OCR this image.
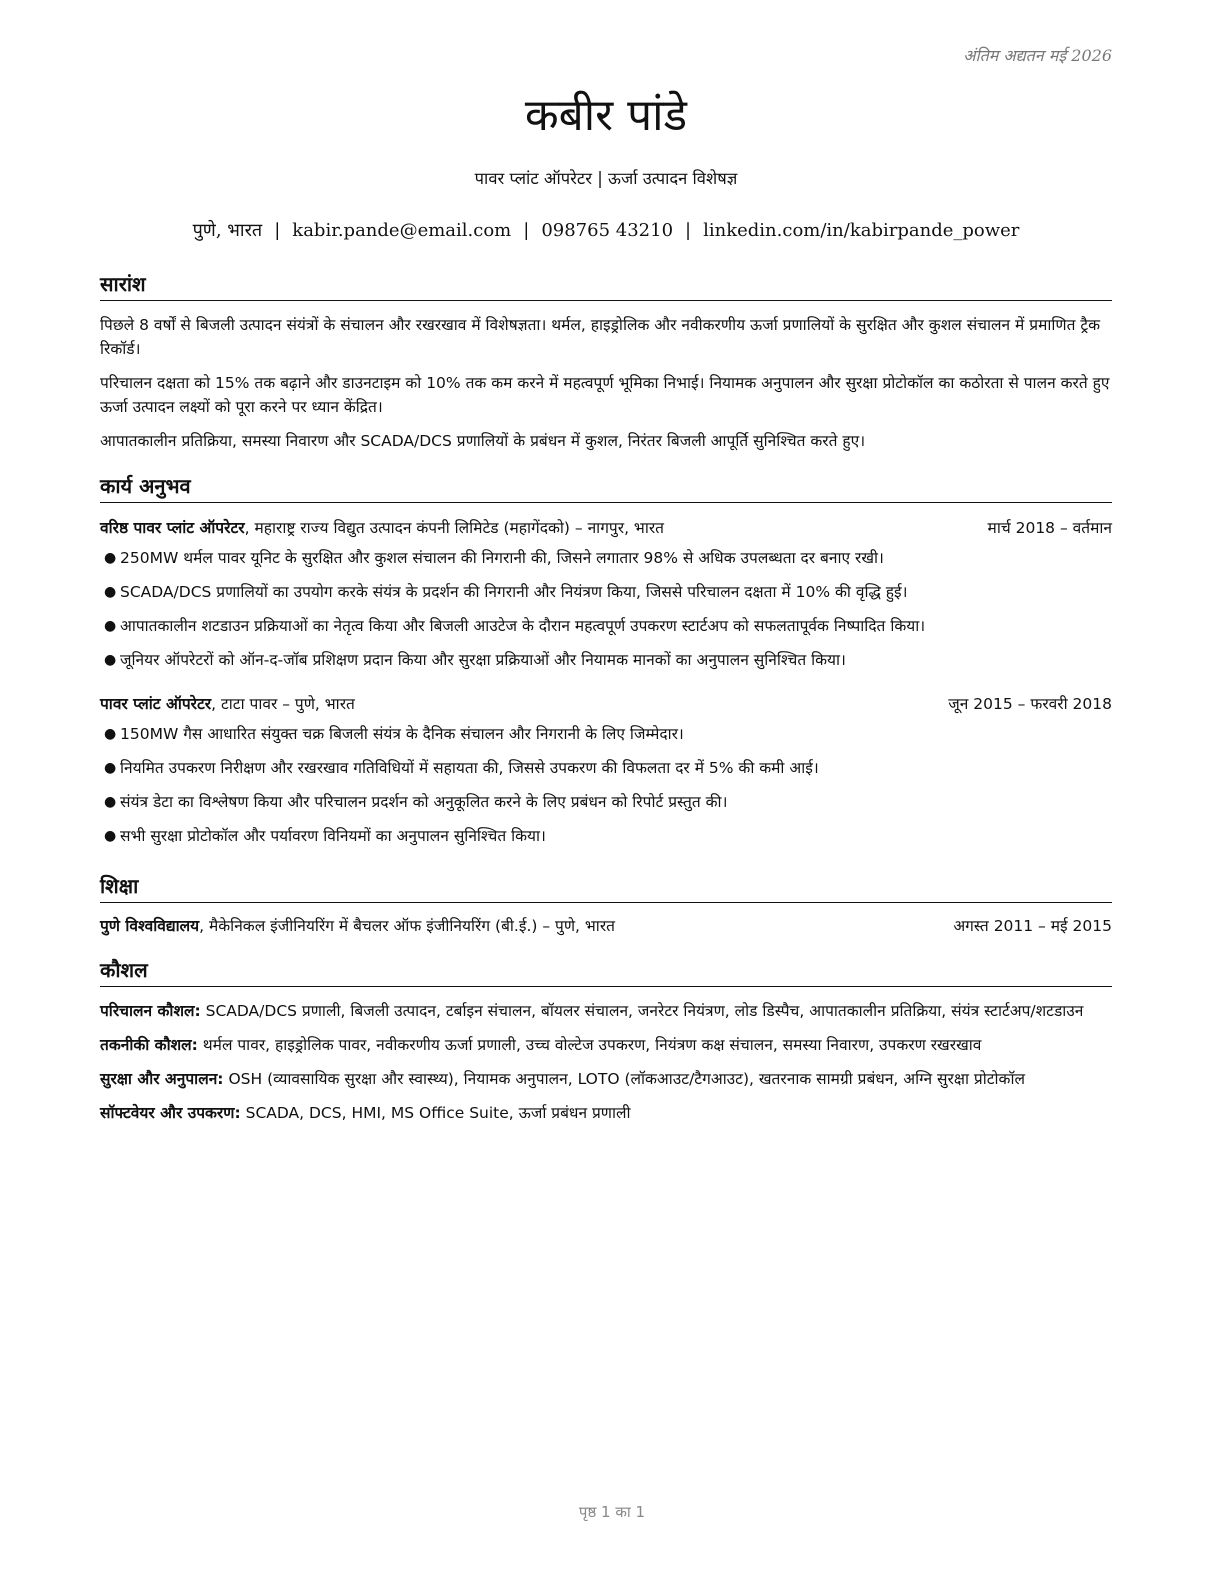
अंतिम अद्यतन मई 2026
कबीर पांडे
पावर प्लांट ऑपरेटर | ऊर्जा उत्पादन विशेषज्ञ
पुणे, भारत | kabir.pande@email.com | 098765 43210 | linkedin.com/in/kabirpande_power
सारांश

पिछले 8 वर्षों से बिजली उत्पादन संयंत्रों के संचालन और रखरखाव में विशेषज्ञता। थर्मल, हाइड्रोलिक और नवीकरणीय ऊर्जा प्रणालियों के सुरक्षित और कुशल संचालन में प्रमाणित ट्रैक रिकॉर्ड।

परिचालन दक्षता को 15% तक बढ़ाने और डाउनटाइम को 10% तक कम करने में महत्वपूर्ण भूमिका निभाई। नियामक अनुपालन और सुरक्षा प्रोटोकॉल का कठोरता से पालन करते हुए ऊर्जा उत्पादन लक्ष्यों को पूरा करने पर ध्यान केंद्रित।

आपातकालीन प्रतिक्रिया, समस्या निवारण और SCADA/DCS प्रणालियों के प्रबंधन में कुशल, निरंतर बिजली आपूर्ति सुनिश्चित करते हुए।

कार्य अनुभव
वरिष्ठ पावर प्लांट ऑपरेटर, महाराष्ट्र राज्य विद्युत उत्पादन कंपनी लिमिटेड (महागेंदको) – नागपुर, भारत	मार्च 2018 – वर्तमान
● 250MW थर्मल पावर यूनिट के सुरक्षित और कुशल संचालन की निगरानी की, जिसने लगातार 98% से अधिक उपलब्धता दर बनाए रखी।
● SCADA/DCS प्रणालियों का उपयोग करके संयंत्र के प्रदर्शन की निगरानी और नियंत्रण किया, जिससे परिचालन दक्षता में 10% की वृद्धि हुई।
● आपातकालीन शटडाउन प्रक्रियाओं का नेतृत्व किया और बिजली आउटेज के दौरान महत्वपूर्ण उपकरण स्टार्टअप को सफलतापूर्वक निष्पादित किया।
● जूनियर ऑपरेटरों को ऑन-द-जॉब प्रशिक्षण प्रदान किया और सुरक्षा प्रक्रियाओं और नियामक मानकों का अनुपालन सुनिश्चित किया।
पावर प्लांट ऑपरेटर, टाटा पावर – पुणे, भारत	जून 2015 – फरवरी 2018
● 150MW गैस आधारित संयुक्त चक्र बिजली संयंत्र के दैनिक संचालन और निगरानी के लिए जिम्मेदार।
● नियमित उपकरण निरीक्षण और रखरखाव गतिविधियों में सहायता की, जिससे उपकरण की विफलता दर में 5% की कमी आई।
● संयंत्र डेटा का विश्लेषण किया और परिचालन प्रदर्शन को अनुकूलित करने के लिए प्रबंधन को रिपोर्ट प्रस्तुत की।
● सभी सुरक्षा प्रोटोकॉल और पर्यावरण विनियमों का अनुपालन सुनिश्चित किया।
शिक्षा
पुणे विश्वविद्यालय, मैकेनिकल इंजीनियरिंग में बैचलर ऑफ इंजीनियरिंग (बी.ई.) – पुणे, भारत	अगस्त 2011 – मई 2015
कौशल

परिचालन कौशल: SCADA/DCS प्रणाली, बिजली उत्पादन, टर्बाइन संचालन, बॉयलर संचालन, जनरेटर नियंत्रण, लोड डिस्पैच, आपातकालीन प्रतिक्रिया, संयंत्र स्टार्टअप/शटडाउन

तकनीकी कौशल: थर्मल पावर, हाइड्रोलिक पावर, नवीकरणीय ऊर्जा प्रणाली, उच्च वोल्टेज उपकरण, नियंत्रण कक्ष संचालन, समस्या निवारण, उपकरण रखरखाव

सुरक्षा और अनुपालन: OSH (व्यावसायिक सुरक्षा और स्वास्थ्य), नियामक अनुपालन, LOTO (लॉकआउट/टैगआउट), खतरनाक सामग्री प्रबंधन, अग्नि सुरक्षा प्रोटोकॉल

सॉफ्टवेयर और उपकरण: SCADA, DCS, HMI, MS Office Suite, ऊर्जा प्रबंधन प्रणाली

पृष्ठ 1 का 1
